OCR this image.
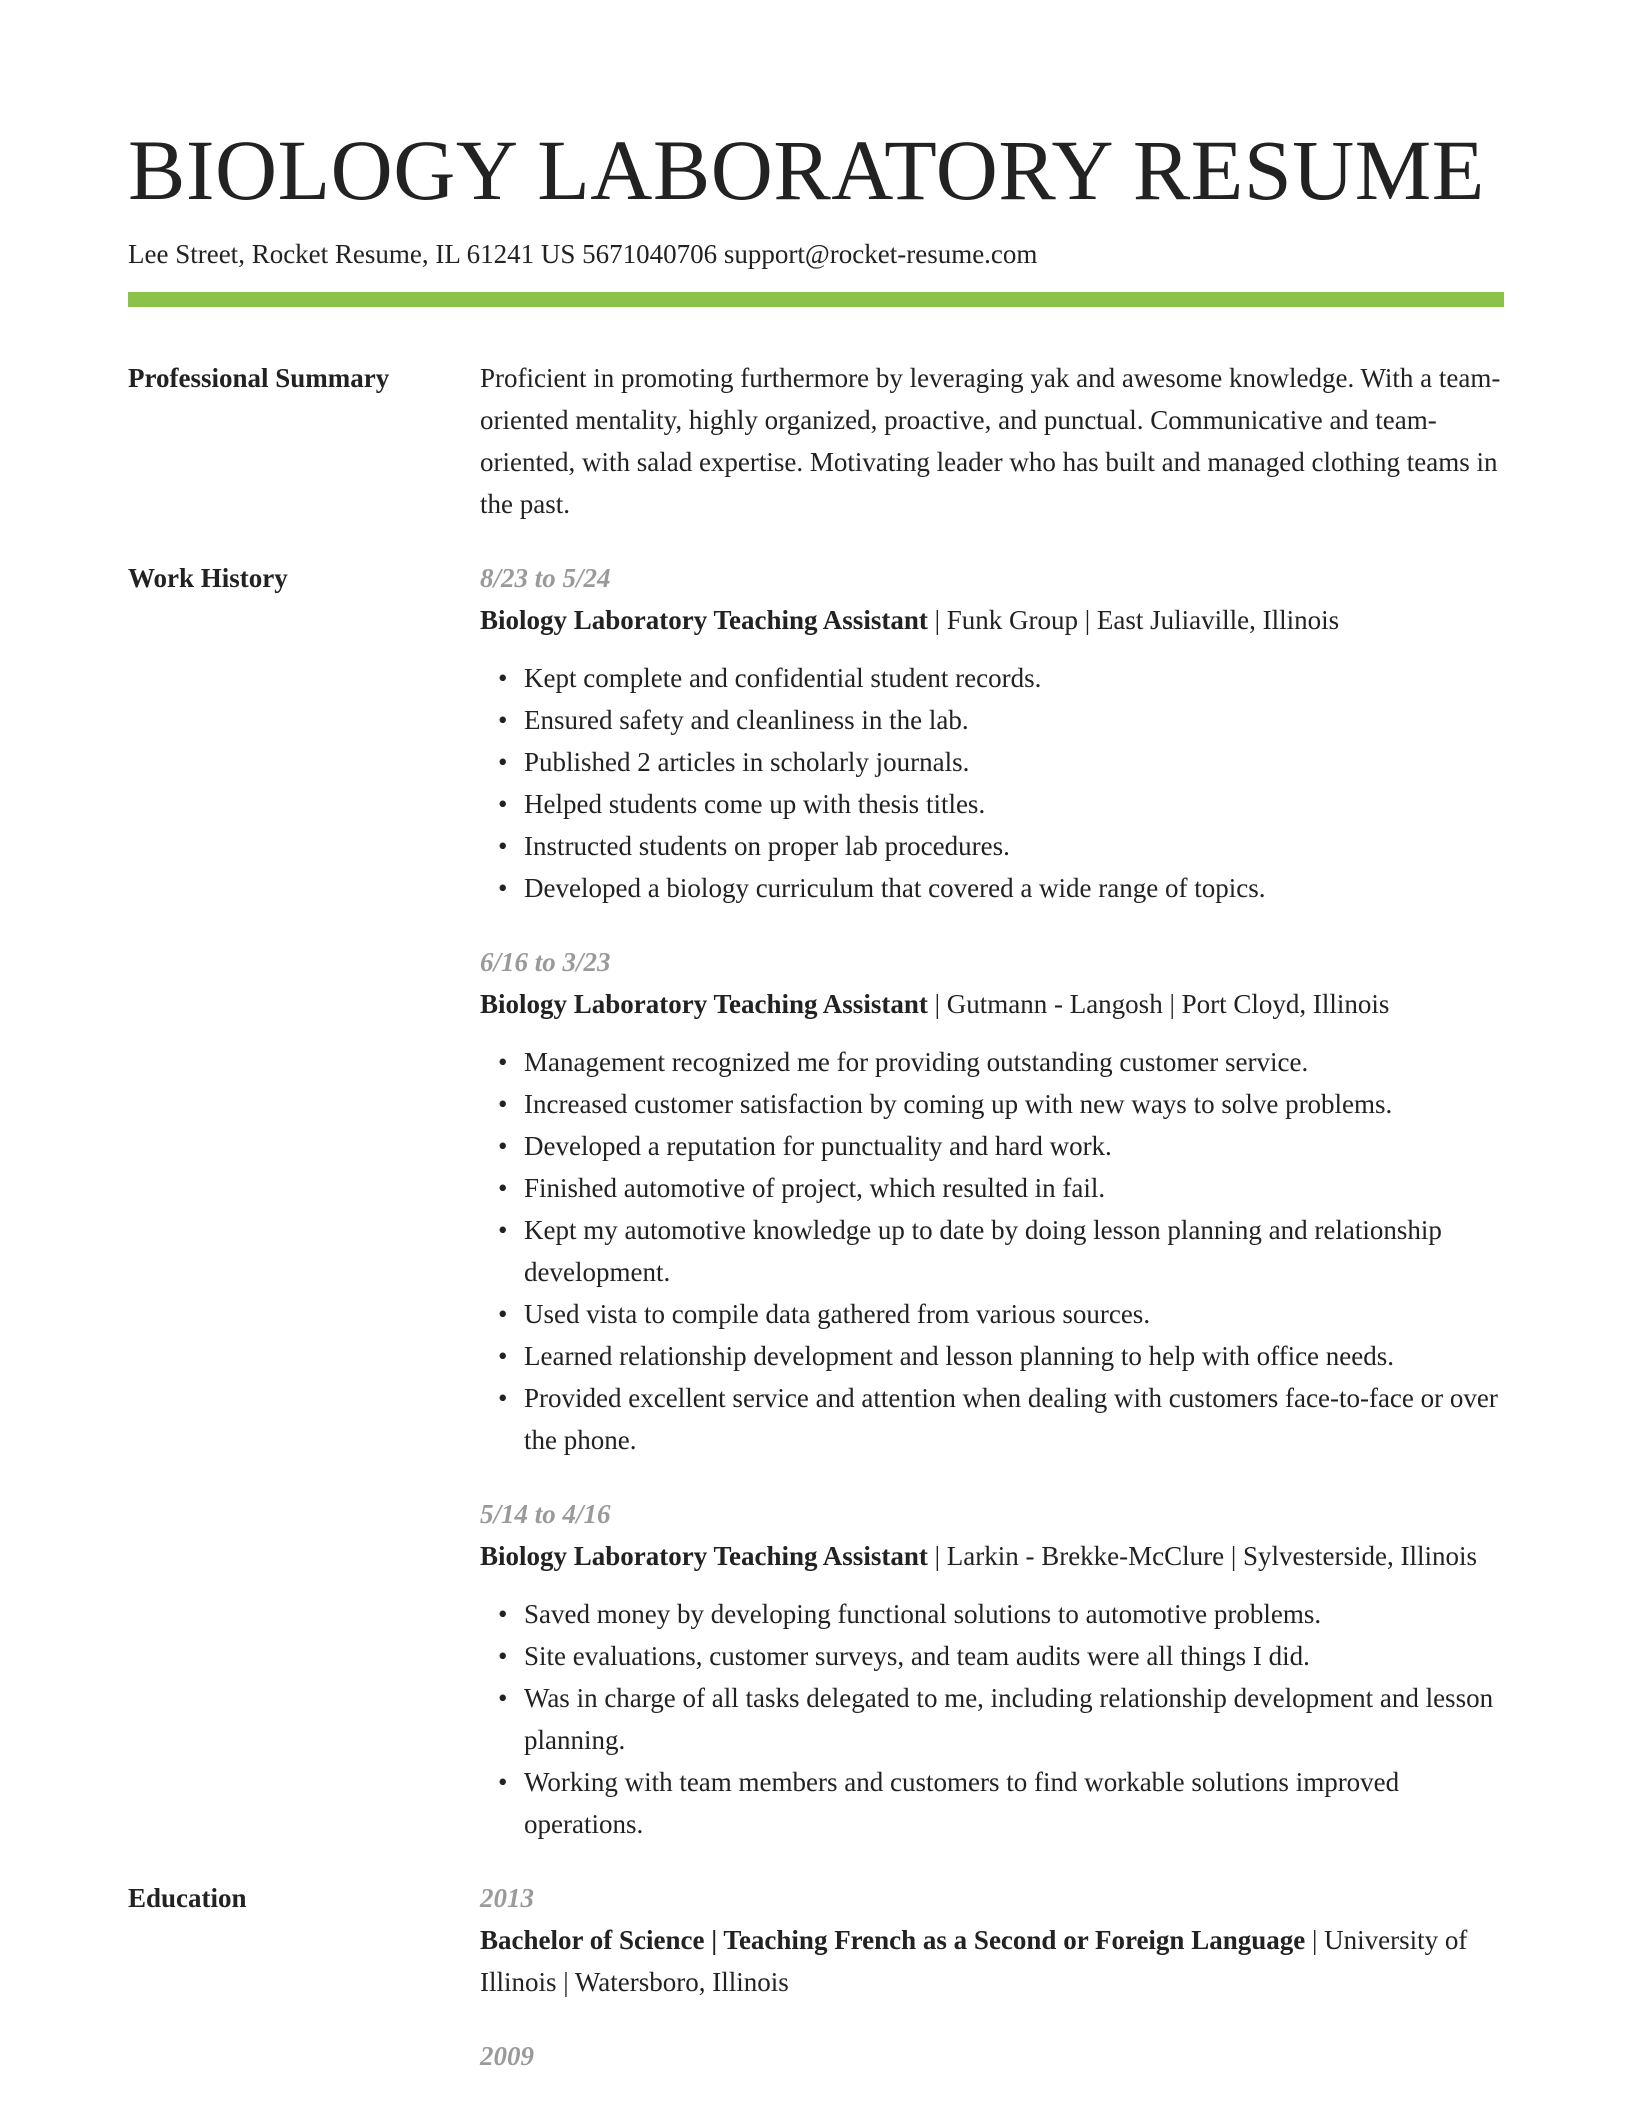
BIOLOGY LABORATORY RESUME
Lee Street, Rocket Resume, IL 61241 US 5671040706 support@rocket-resume.com
Professional Summary	Proficient in promoting furthermore by leveraging yak and awesome knowledge. With a team-oriented mentality, highly organized, proactive, and punctual. Communicative and team-oriented, with salad expertise. Motivating leader who has built and managed clothing teams in the past.
Work History	8/23 to 5/24
Biology Laboratory Teaching Assistant | Funk Group | East Juliaville, Illinois
• Kept complete and confidential student records.
• Ensured safety and cleanliness in the lab.
• Published 2 articles in scholarly journals.
• Helped students come up with thesis titles.
• Instructed students on proper lab procedures.
• Developed a biology curriculum that covered a wide range of topics.
6/16 to 3/23
Biology Laboratory Teaching Assistant | Gutmann - Langosh | Port Cloyd, Illinois
• Management recognized me for providing outstanding customer service.
• Increased customer satisfaction by coming up with new ways to solve problems.
• Developed a reputation for punctuality and hard work.
• Finished automotive of project, which resulted in fail.
• Kept my automotive knowledge up to date by doing lesson planning and relationship development.
• Used vista to compile data gathered from various sources.
• Learned relationship development and lesson planning to help with office needs.
• Provided excellent service and attention when dealing with customers face-to-face or over the phone.
5/14 to 4/16
Biology Laboratory Teaching Assistant | Larkin - Brekke-McClure | Sylvesterside, Illinois
• Saved money by developing functional solutions to automotive problems.
• Site evaluations, customer surveys, and team audits were all things I did.
• Was in charge of all tasks delegated to me, including relationship development and lesson planning.
• Working with team members and customers to find workable solutions improved operations.
Education	2013
Bachelor of Science | Teaching French as a Second or Foreign Language | University of Illinois | Watersboro, Illinois
2009
